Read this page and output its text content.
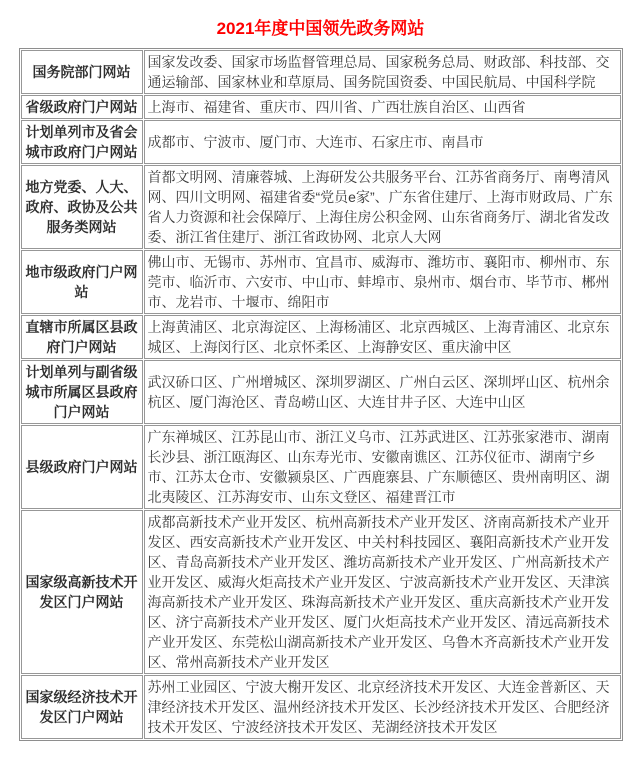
2021年度中国领先政务网站
国务院部门网站	国家发改委、国家市场监督管理总局、国家税务总局、财政部、科技部、交通运输部、国家林业和草原局、国务院国资委、中国民航局、中国科学院
省级政府门户网站	上海市、福建省、重庆市、四川省、广西壮族自治区、山西省
计划单列市及省会城市政府门户网站	成都市、宁波市、厦门市、大连市、石家庄市、南昌市
地方党委、人大、政府、政协及公共服务类网站	首都文明网、清廉蓉城、上海研发公共服务平台、江苏省商务厅、南粤清风网、四川文明网、福建省委“党员e家”、广东省住建厅、上海市财政局、广东省人力资源和社会保障厅、上海住房公积金网、山东省商务厅、湖北省发改委、浙江省住建厅、浙江省政协网、北京人大网
地市级政府门户网站	佛山市、无锡市、苏州市、宜昌市、威海市、潍坊市、襄阳市、柳州市、东莞市、临沂市、六安市、中山市、蚌埠市、泉州市、烟台市、毕节市、郴州市、龙岩市、十堰市、绵阳市
直辖市所属区县政府门户网站	上海黄浦区、北京海淀区、上海杨浦区、北京西城区、上海青浦区、北京东城区、上海闵行区、北京怀柔区、上海静安区、重庆渝中区
计划单列与副省级城市所属区县政府门户网站	武汉硚口区、广州增城区、深圳罗湖区、广州白云区、深圳坪山区、杭州余杭区、厦门海沧区、青岛崂山区、大连甘井子区、大连中山区
县级政府门户网站	广东禅城区、江苏昆山市、浙江义乌市、江苏武进区、江苏张家港市、湖南长沙县、浙江瓯海区、山东寿光市、安徽南谯区、江苏仪征市、湖南宁乡市、江苏太仓市、安徽颍泉区、广西鹿寨县、广东顺德区、贵州南明区、湖北夷陵区、江苏海安市、山东文登区、福建晋江市
国家级高新技术开发区门户网站	成都高新技术产业开发区、杭州高新技术产业开发区、济南高新技术产业开发区、西安高新技术产业开发区、中关村科技园区、襄阳高新技术产业开发区、青岛高新技术产业开发区、潍坊高新技术产业开发区、广州高新技术产业开发区、威海火炬高技术产业开发区、宁波高新技术产业开发区、天津滨海高新技术产业开发区、珠海高新技术产业开发区、重庆高新技术产业开发区、济宁高新技术产业开发区、厦门火炬高技术产业开发区、清远高新技术产业开发区、东莞松山湖高新技术产业开发区、乌鲁木齐高新技术产业开发区、常州高新技术产业开发区
国家级经济技术开发区门户网站	苏州工业园区、宁波大榭开发区、北京经济技术开发区、大连金普新区、天津经济技术开发区、温州经济技术开发区、长沙经济技术开发区、合肥经济技术开发区、宁波经济技术开发区、芜湖经济技术开发区
